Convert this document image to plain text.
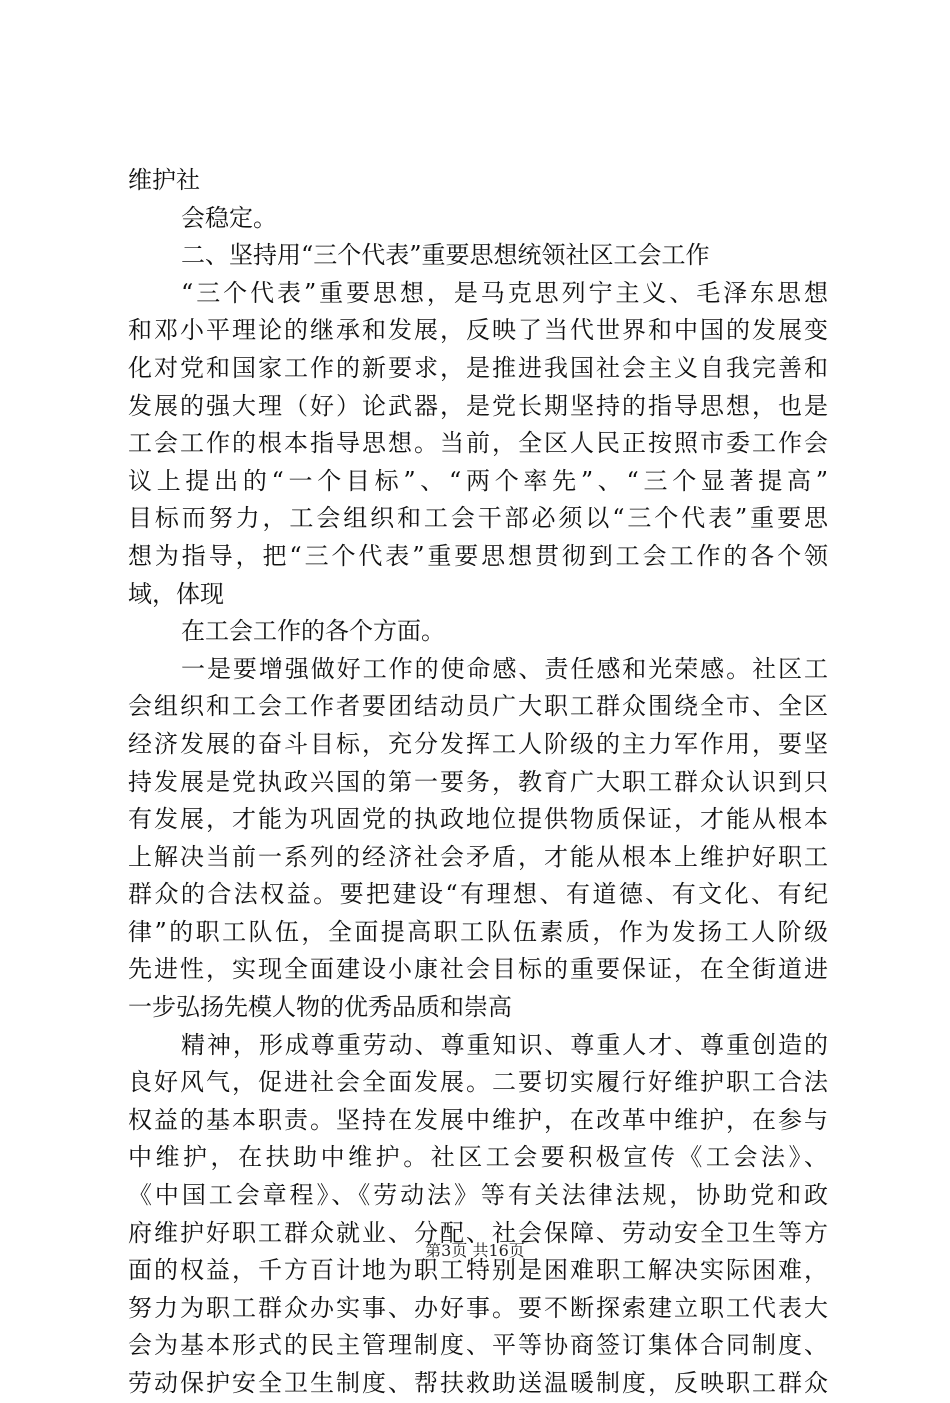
维护社
会稳定。
二、坚持用“三个代表”重要思想统领社区工会工作
“三个代表”重要思想，是马克思列宁主义、毛泽东思想
和邓小平理论的继承和发展，反映了当代世界和中国的发展变
化对党和国家工作的新要求，是推进我国社会主义自我完善和
发展的强大理（好）论武器，是党长期坚持的指导思想，也是
工会工作的根本指导思想。当前，全区人民正按照市委工作会
议上提出的“一个目标”、“两个率先”、“三个显著提高”
目标而努力，工会组织和工会干部必须以“三个代表”重要思
想为指导，把“三个代表”重要思想贯彻到工会工作的各个领
域，体现
在工会工作的各个方面。
一是要增强做好工作的使命感、责任感和光荣感。社区工
会组织和工会工作者要团结动员广大职工群众围绕全市、全区
经济发展的奋斗目标，充分发挥工人阶级的主力军作用，要坚
持发展是党执政兴国的第一要务，教育广大职工群众认识到只
有发展，才能为巩固党的执政地位提供物质保证，才能从根本
上解决当前一系列的经济社会矛盾，才能从根本上维护好职工
群众的合法权益。要把建设“有理想、有道德、有文化、有纪
律”的职工队伍，全面提高职工队伍素质，作为发扬工人阶级
先进性，实现全面建设小康社会目标的重要保证，在全街道进
一步弘扬先模人物的优秀品质和崇高
精神，形成尊重劳动、尊重知识、尊重人才、尊重创造的
良好风气，促进社会全面发展。二要切实履行好维护职工合法
权益的基本职责。坚持在发展中维护，在改革中维护，在参与
中维护，在扶助中维护。社区工会要积极宣传《工会法》、
《中国工会章程》、《劳动法》等有关法律法规，协助党和政
府维护好职工群众就业、分配、社会保障、劳动安全卫生等方
面的权益，千方百计地为职工特别是困难职工解决实际困难，
努力为职工群众办实事、办好事。要不断探索建立职工代表大
会为基本形式的民主管理制度、平等协商签订集体合同制度、
劳动保护安全卫生制度、帮扶救助送温暖制度，反映职工群众
第3页 共16页
